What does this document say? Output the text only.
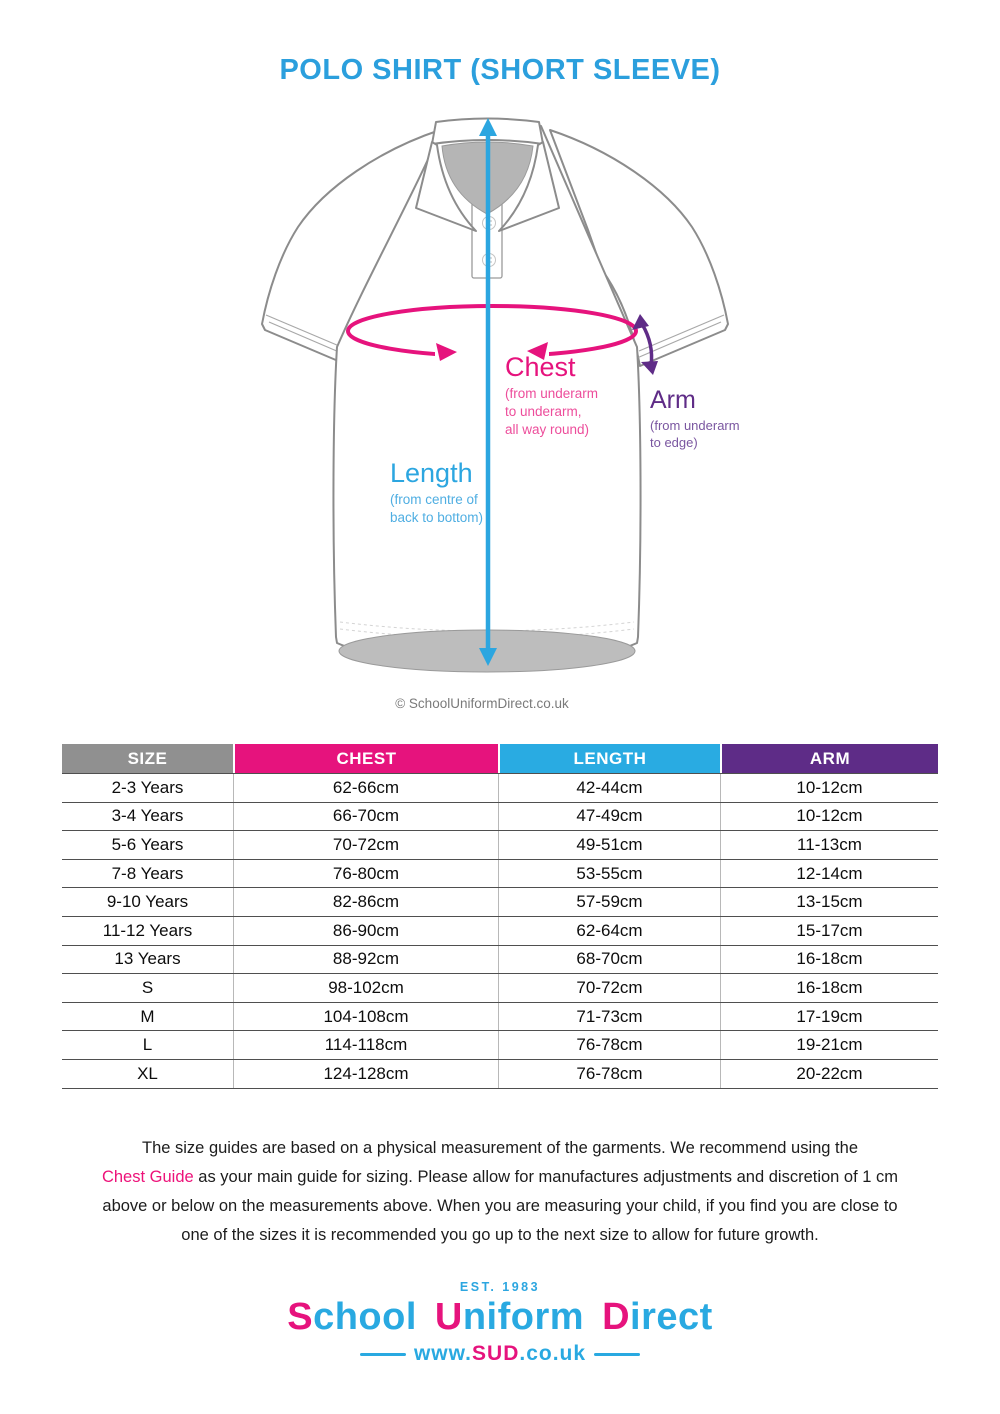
POLO SHIRT (SHORT SLEEVE)
Chest

(from underarm
to underarm,
all way round)

Arm

(from underarm
to edge)

Length

(from centre of
back to bottom)

© SchoolUniformDirect.co.uk
SIZE	CHEST	LENGTH	ARM
2-3 Years	62-66cm	42-44cm	10-12cm
3-4 Years	66-70cm	47-49cm	10-12cm
5-6 Years	70-72cm	49-51cm	11-13cm
7-8 Years	76-80cm	53-55cm	12-14cm
9-10 Years	82-86cm	57-59cm	13-15cm
11-12 Years	86-90cm	62-64cm	15-17cm
13 Years	88-92cm	68-70cm	16-18cm
S	98-102cm	70-72cm	16-18cm
M	104-108cm	71-73cm	17-19cm
L	114-118cm	76-78cm	19-21cm
XL	124-128cm	76-78cm	20-22cm
The size guides are based on a physical measurement of the garments. We recommend using the
Chest Guide as your main guide for sizing. Please allow for manufactures adjustments and discretion of 1 cm
above or below on the measurements above. When you are measuring your child, if you find you are close to
one of the sizes it is recommended you go up to the next size to allow for future growth.
EST. 1983
School Uniform Direct
www.SUD.co.uk
